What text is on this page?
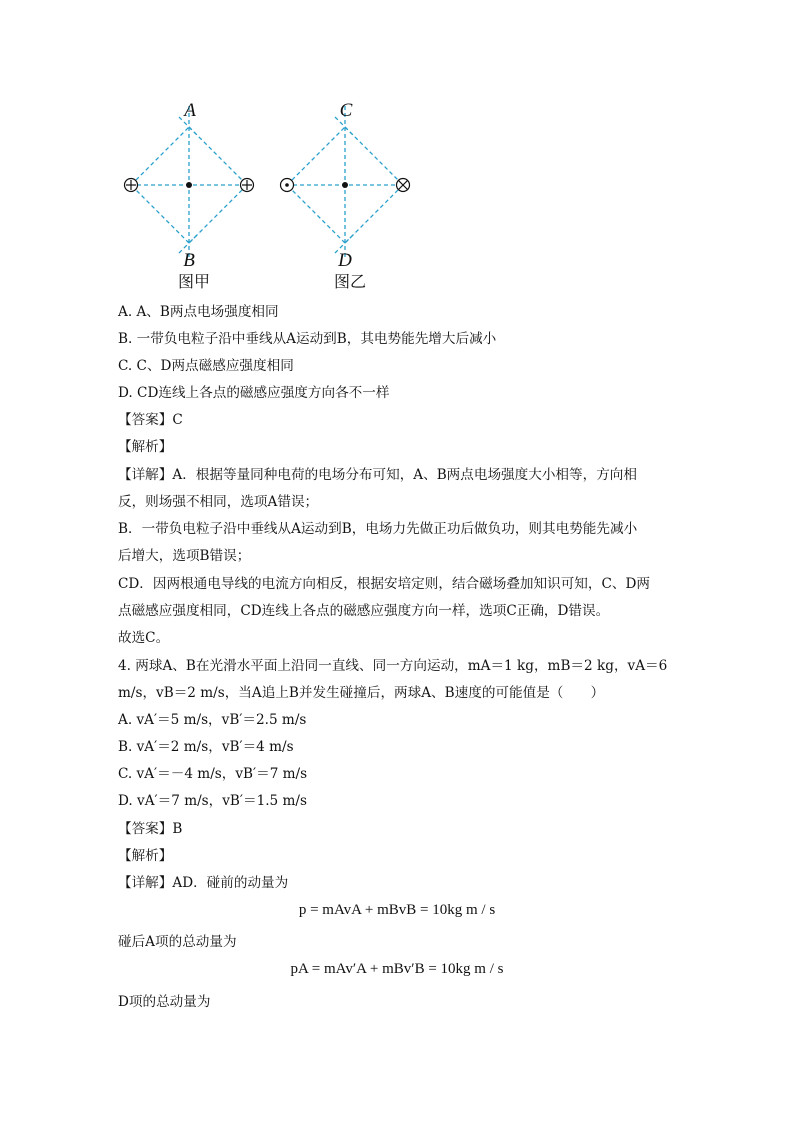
A
B
图甲
C
D
图乙
A. A、B两点电场强度相同
B. 一带负电粒子沿中垂线从A运动到B，其电势能先增大后减小
C. C、D两点磁感应强度相同
D. CD连线上各点的磁感应强度方向各不一样
【答案】C
【解析】
【详解】A．根据等量同种电荷的电场分布可知，A、B两点电场强度大小相等，方向相
反，则场强不相同，选项A错误；
B．一带负电粒子沿中垂线从A运动到B，电场力先做正功后做负功，则其电势能先减小
后增大，选项B错误；
CD．因两根通电导线的电流方向相反，根据安培定则，结合磁场叠加知识可知，C、D两
点磁感应强度相同，CD连线上各点的磁感应强度方向一样，选项C正确，D错误。
故选C。
4. 两球A、B在光滑水平面上沿同一直线、同一方向运动，mA＝1 kg，mB＝2 kg，vA＝6
m/s，vB＝2 m/s，当A追上B并发生碰撞后，两球A、B速度的可能值是（　　）
A. vA′＝5 m/s，vB′＝2.5 m/s
B. vA′＝2 m/s，vB′＝4 m/s
C. vA′＝－4 m/s，vB′＝7 m/s
D. vA′＝7 m/s，vB′＝1.5 m/s
【答案】B
【解析】
【详解】AD．碰前的动量为
p = mAvA + mBvB = 10kg m / s
碰后A项的总动量为
pA = mAv′A + mBv′B = 10kg m / s
D项的总动量为
